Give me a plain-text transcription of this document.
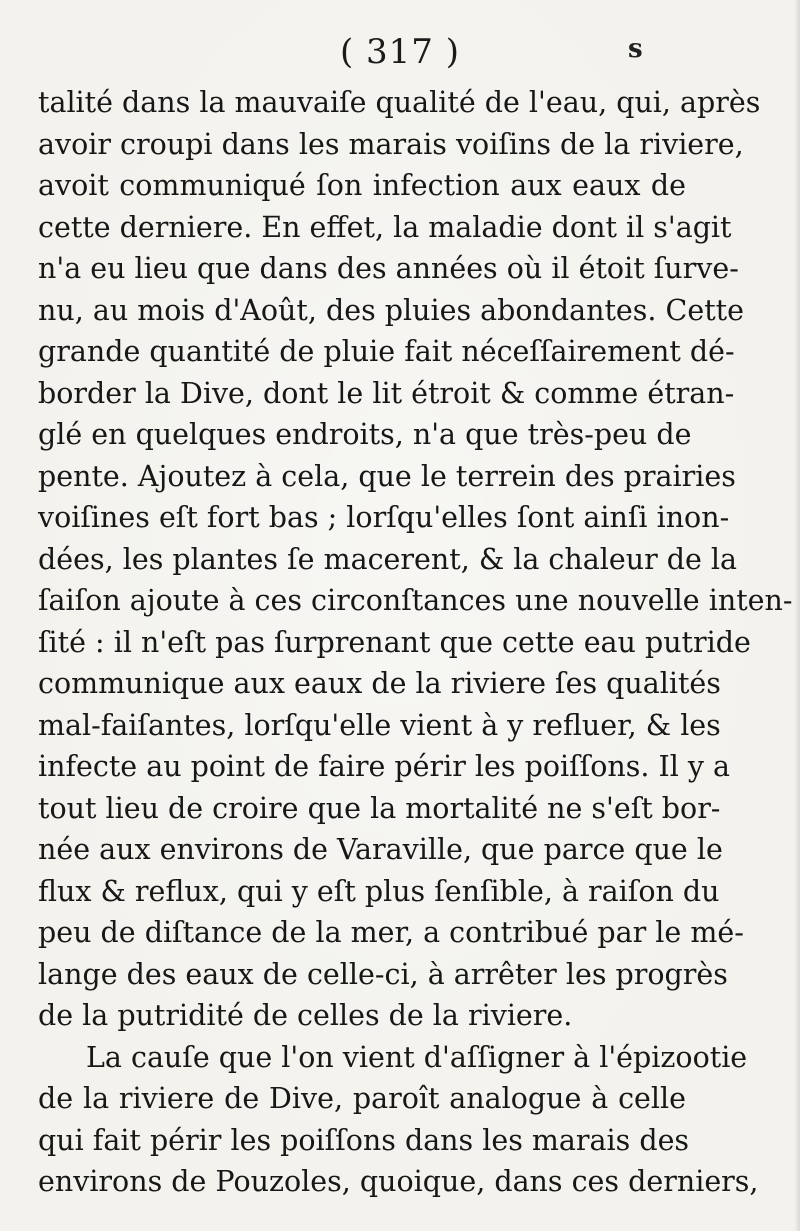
( 317 )	s
talité dans la mauvaiſe qualité de l'eau, qui, après
avoir croupi dans les marais voiſins de la riviere,
avoit communiqué ſon infection aux eaux de
cette derniere. En effet, la maladie dont il s'agit
n'a eu lieu que dans des années où il étoit ſurve-
nu, au mois d'Août, des pluies abondantes. Cette
grande quantité de pluie fait néceſſairement dé-
border la Dive, dont le lit étroit & comme étran-
glé en quelques endroits, n'a que très-peu de
pente. Ajoutez à cela, que le terrein des prairies
voiſines eſt fort bas ; lorſqu'elles ſont ainſi inon-
dées, les plantes ſe macerent, & la chaleur de la
ſaiſon ajoute à ces circonſtances une nouvelle inten-
ſité : il n'eſt pas ſurprenant que cette eau putride
communique aux eaux de la riviere ſes qualités
mal-faiſantes, lorſqu'elle vient à y refluer, & les
infecte au point de faire périr les poiſſons. Il y a
tout lieu de croire que la mortalité ne s'eſt bor-
née aux environs de Varaville, que parce que le
flux & reflux, qui y eſt plus ſenſible, à raiſon du
peu de diſtance de la mer, a contribué par le mé-
lange des eaux de celle-ci, à arrêter les progrès
de la putridité de celles de la riviere.
La cauſe que l'on vient d'aſſigner à l'épizootie
de la riviere de Dive, paroît analogue à celle
qui fait périr les poiſſons dans les marais des
environs de Pouzoles, quoique, dans ces derniers,
